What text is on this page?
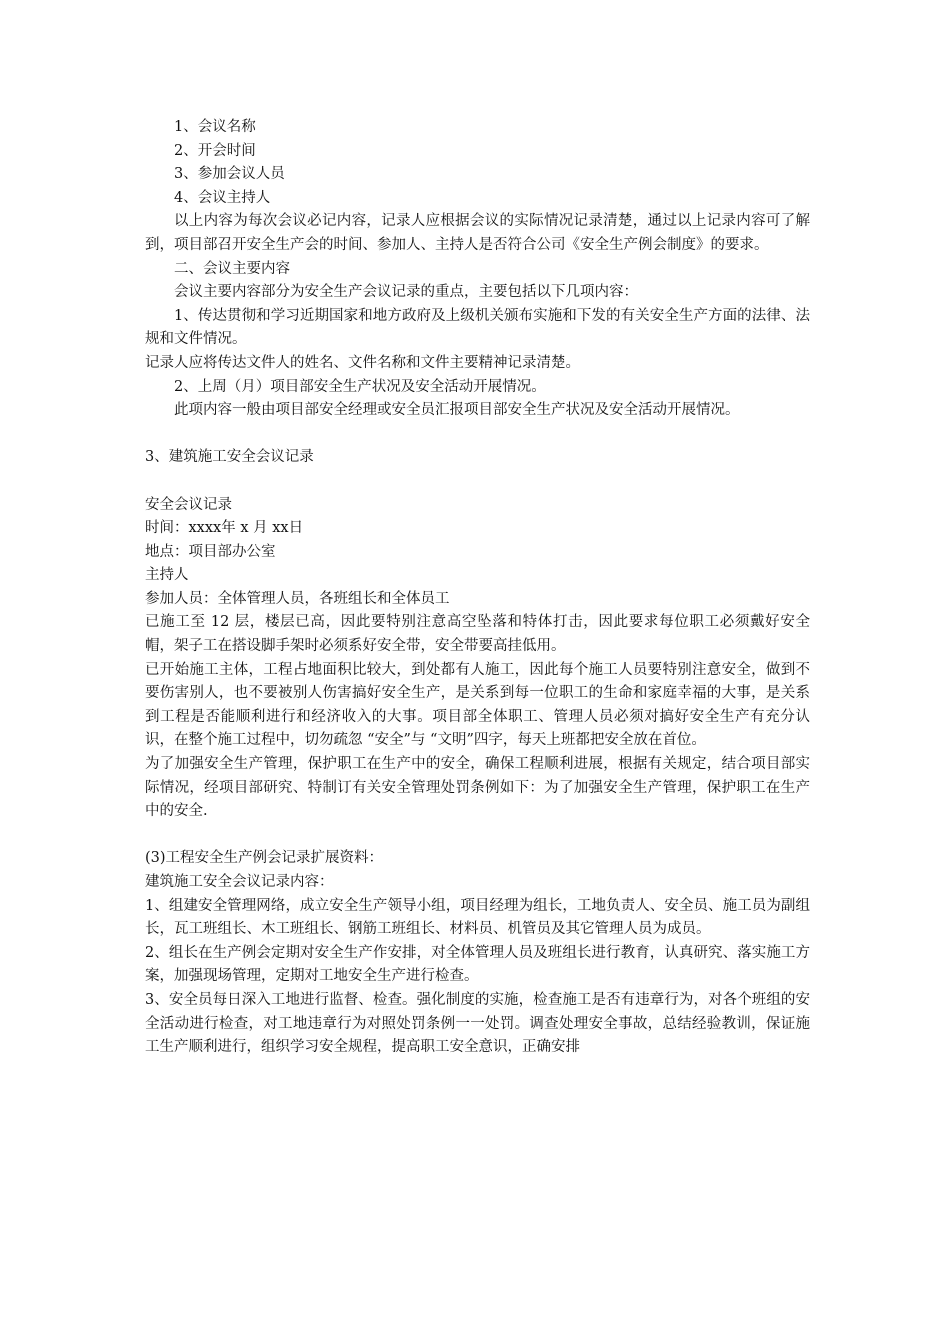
1、会议名称

2、开会时间

3、参加会议人员

4、会议主持人

以上内容为每次会议必记内容，记录人应根据会议的实际情况记录清楚，通过以上记录内容可了解到，项目部召开安全生产会的时间、参加人、主持人是否符合公司《安全生产例会制度》的要求。

二、会议主要内容

会议主要内容部分为安全生产会议记录的重点，主要包括以下几项内容：

1、传达贯彻和学习近期国家和地方政府及上级机关颁布实施和下发的有关安全生产方面的法律、法规和文件情况。

记录人应将传达文件人的姓名、文件名称和文件主要精神记录清楚。

2、上周（月）项目部安全生产状况及安全活动开展情况。

此项内容一般由项目部安全经理或安全员汇报项目部安全生产状况及安全活动开展情况。

3、建筑施工安全会议记录

安全会议记录

时间：xxxx年 x 月 xx日

地点：项目部办公室

主持人

参加人员：全体管理人员，各班组长和全体员工

已施工至 12 层，楼层已高，因此要特别注意高空坠落和特体打击，因此要求每位职工必须戴好安全帽，架子工在搭设脚手架时必须系好安全带，安全带要高挂低用。

已开始施工主体，工程占地面积比较大，到处都有人施工，因此每个施工人员要特别注意安全，做到不要伤害别人，也不要被别人伤害搞好安全生产，是关系到每一位职工的生命和家庭幸福的大事，是关系到工程是否能顺利进行和经济收入的大事。项目部全体职工、管理人员必须对搞好安全生产有充分认识，在整个施工过程中，切勿疏忽 “安全”与 “文明”四字，每天上班都把安全放在首位。

为了加强安全生产管理，保护职工在生产中的安全，确保工程顺利进展，根据有关规定，结合项目部实际情况，经项目部研究、特制订有关安全管理处罚条例如下：为了加强安全生产管理，保护职工在生产中的安全.

(3)工程安全生产例会记录扩展资料：

建筑施工安全会议记录内容：

1、组建安全管理网络，成立安全生产领导小组，项目经理为组长，工地负责人、安全员、施工员为副组长，瓦工班组长、木工班组长、钢筋工班组长、材料员、机管员及其它管理人员为成员。

2、组长在生产例会定期对安全生产作安排，对全体管理人员及班组长进行教育，认真研究、落实施工方案，加强现场管理，定期对工地安全生产进行检查。

3、安全员每日深入工地进行监督、检查。强化制度的实施，检查施工是否有违章行为，对各个班组的安全活动进行检查，对工地违章行为对照处罚条例一一处罚。调查处理安全事故，总结经验教训，保证施工生产顺利进行，组织学习安全规程，提高职工安全意识，正确安排
